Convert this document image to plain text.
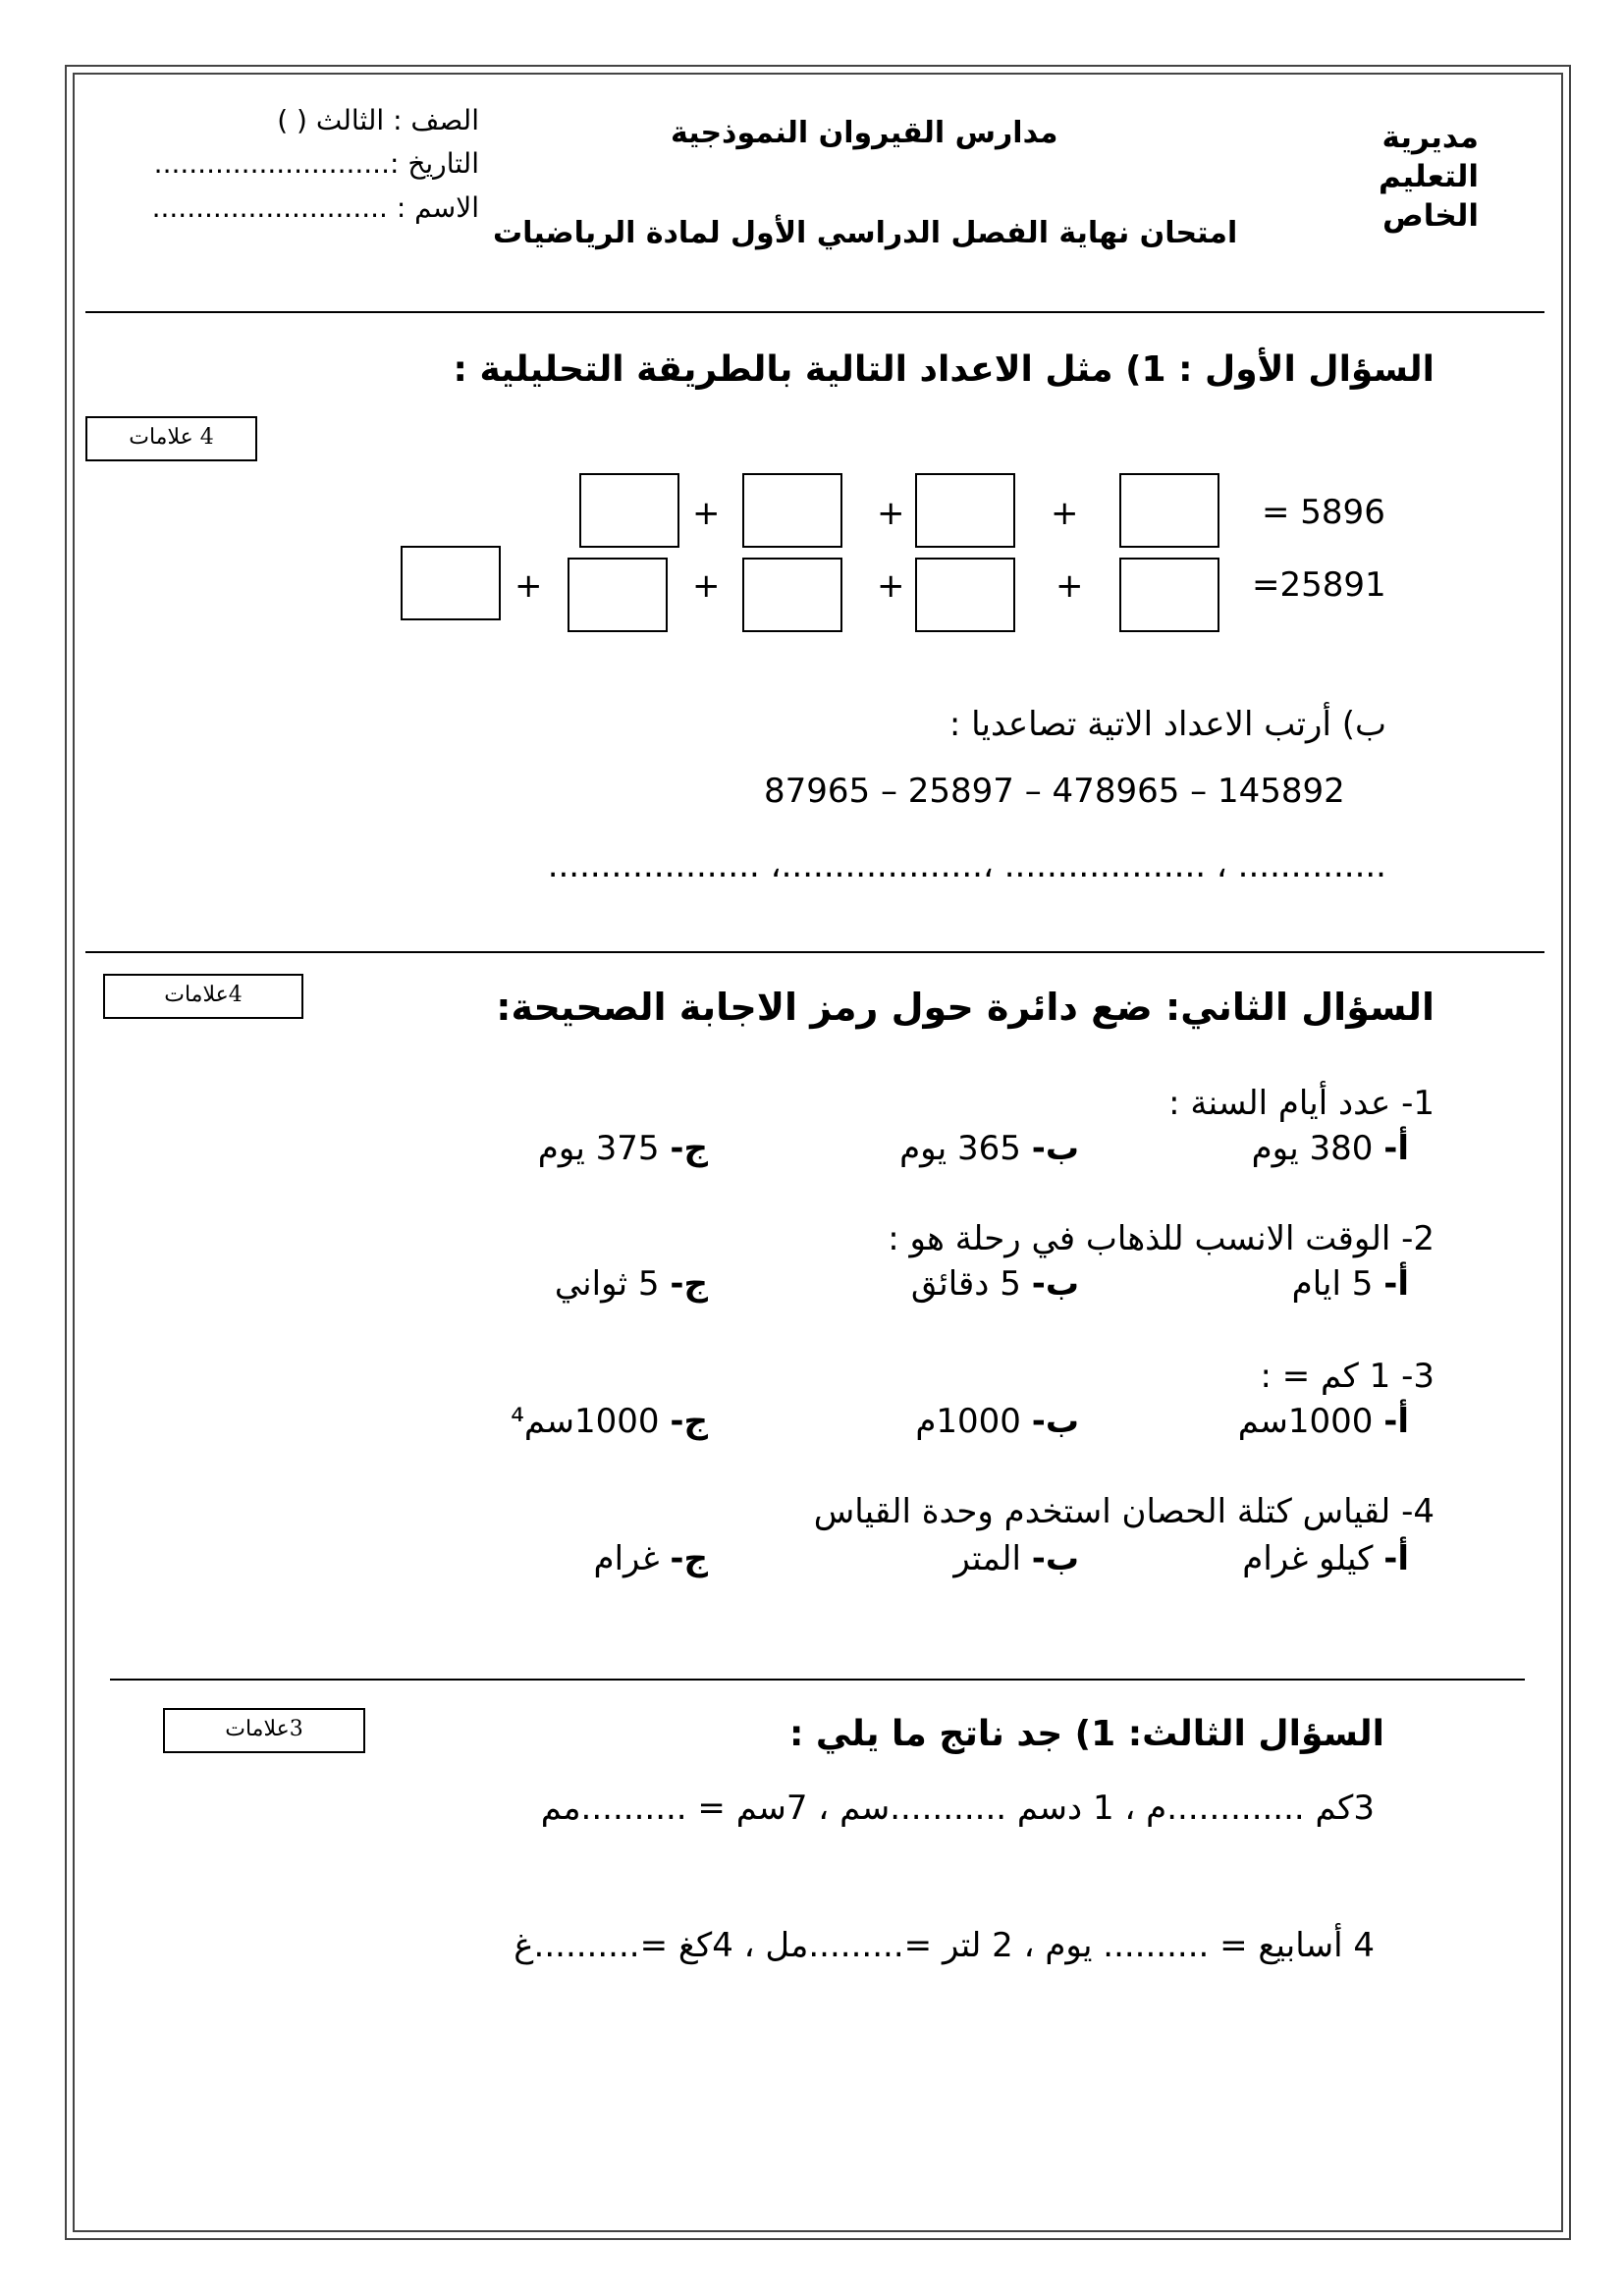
مديرية التعليم الخاص
مدارس القيروان النموذجية
الصف : الثالث ( )
التاريخ :...........................
الاسم : ...........................
امتحان نهاية الفصل الدراسي الأول لمادة الرياضيات
السؤال الأول : 1) مثل الاعداد التالية بالطريقة التحليلية :
4 علامات
= 5896
+
+
+
=25891
+
+
+
+
ب) أرتب الاعداد الاتية تصاعديا :
87965 – 25897 – 478965 – 145892
.............. ، ................... ،...................، ....................
السؤال الثاني: ضع دائرة حول رمز الاجابة الصحيحة:
4علامات
1- عدد أيام السنة :
أ- 380 يوم
ب- 365 يوم
ج- 375 يوم
2- الوقت الانسب للذهاب في رحلة هو :
أ- 5 ايام
ب- 5 دقائق
ج- 5 ثواني
3- 1 كم = :
أ- 1000سم
ب- 1000م
ج- 1000سم⁴
4- لقياس كتلة الحصان استخدم وحدة القياس
أ- كيلو غرام
ب- المتر
ج- غرام
السؤال الثالث: 1) جد ناتج ما يلي :
3علامات
3كم .............م ، 1 دسم ...........سم ، 7سم = ..........مم
4 أسابيع = .......... يوم ، 2 لتر =.........مل ، 4كغ =..........غ
